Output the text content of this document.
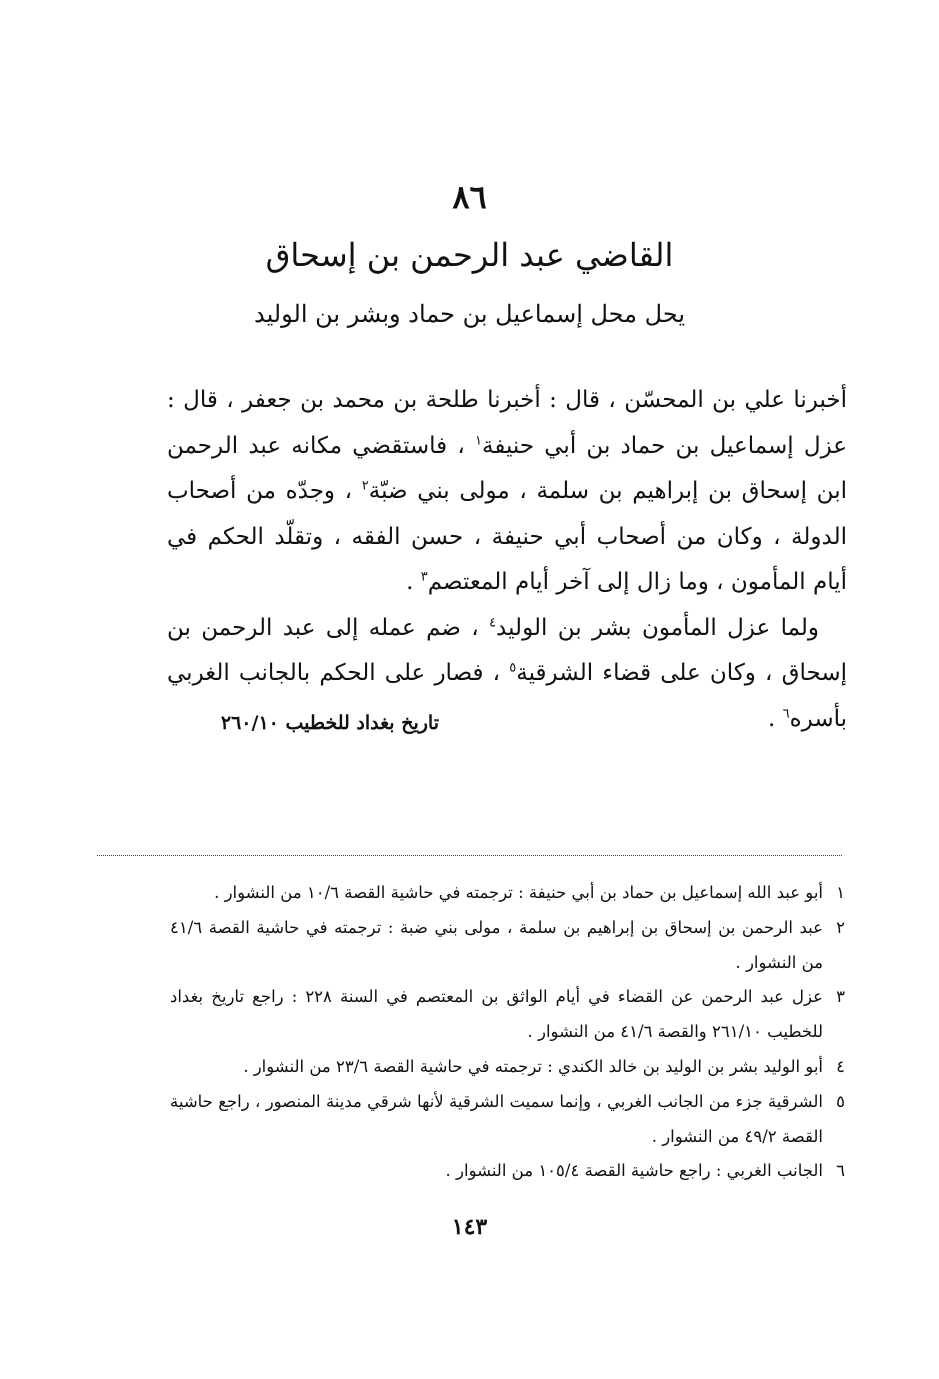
٨٦
القاضي عبد الرحمن بن إسحاق
يحل محل إسماعيل بن حماد وبشر بن الوليد

أخبرنا علي بن المحسّن ، قال : أخبرنا طلحة بن محمد بن جعفر ، قال : عزل إسماعيل بن حماد بن أبي حنيفة$^١$ ، فاستقضي مكانه عبد الرحمن ابن إسحاق بن إبراهيم بن سلمة ، مولى بني ضبّة$^٢$ ، وجدّه من أصحاب الدولة ، وكان من أصحاب أبي حنيفة ، حسن الفقه ، وتقلّد الحكم في أيام المأمون ، وما زال إلى آخر أيام المعتصم$^٣$ .

ولما عزل المأمون بشر بن الوليد$^٤$ ، ضم عمله إلى عبد الرحمن بن إسحاق ، وكان على قضاء الشرقية$^٥$ ، فصار على الحكم بالجانب الغربي بأسره$^٦$ .

تاريخ بغداد للخطيب ٢٦٠/١٠
١
أبو عبد الله إسماعيل بن حماد بن أبي حنيفة : ترجمته في حاشية القصة ١٠/٦ من النشوار .
٢
عبد الرحمن بن إسحاق بن إبراهيم بن سلمة ، مولى بني ضبة : ترجمته في حاشية القصة ٤١/٦ من النشوار .
٣
عزل عبد الرحمن عن القضاء في أيام الواثق بن المعتصم في السنة ٢٢٨ : راجع تاريخ بغداد للخطيب ٢٦١/١٠ والقصة ٤١/٦ من النشوار .
٤
أبو الوليد بشر بن الوليد بن خالد الكندي : ترجمته في حاشية القصة ٢٣/٦ من النشوار .
٥
الشرقية جزء من الجانب الغربي ، وإنما سميت الشرقية لأنها شرقي مدينة المنصور ، راجع حاشية القصة ٤٩/٢ من النشوار .
٦
الجانب الغربي : راجع حاشية القصة ١٠٥/٤ من النشوار .
١٤٣
